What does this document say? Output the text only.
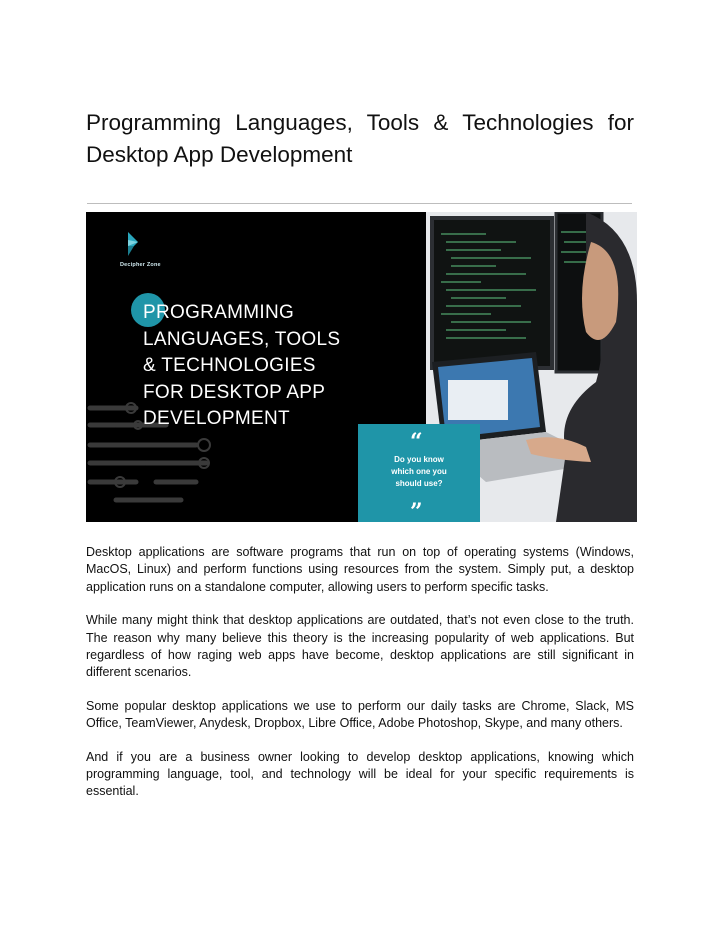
Programming Languages, Tools & Technologies for Desktop App Development
Decipher Zone
PROGRAMMING
LANGUAGES, TOOLS
& TECHNOLOGIES
FOR DESKTOP APP
DEVELOPMENT
“
Do you know
which one you
should use?
”

Desktop applications are software programs that run on top of operating systems (Windows, MacOS, Linux) and perform functions using resources from the system. Simply put, a desktop application runs on a standalone computer, allowing users to perform specific tasks.

While many might think that desktop applications are outdated, that’s not even close to the truth. The reason why many believe this theory is the increasing popularity of web applications. But regardless of how raging web apps have become, desktop applications are still significant in different scenarios.

Some popular desktop applications we use to perform our daily tasks are Chrome, Slack, MS Office, TeamViewer, Anydesk, Dropbox, Libre Office, Adobe Photoshop, Skype, and many others.

And if you are a business owner looking to develop desktop applications, knowing which programming language, tool, and technology will be ideal for your specific requirements is essential.
